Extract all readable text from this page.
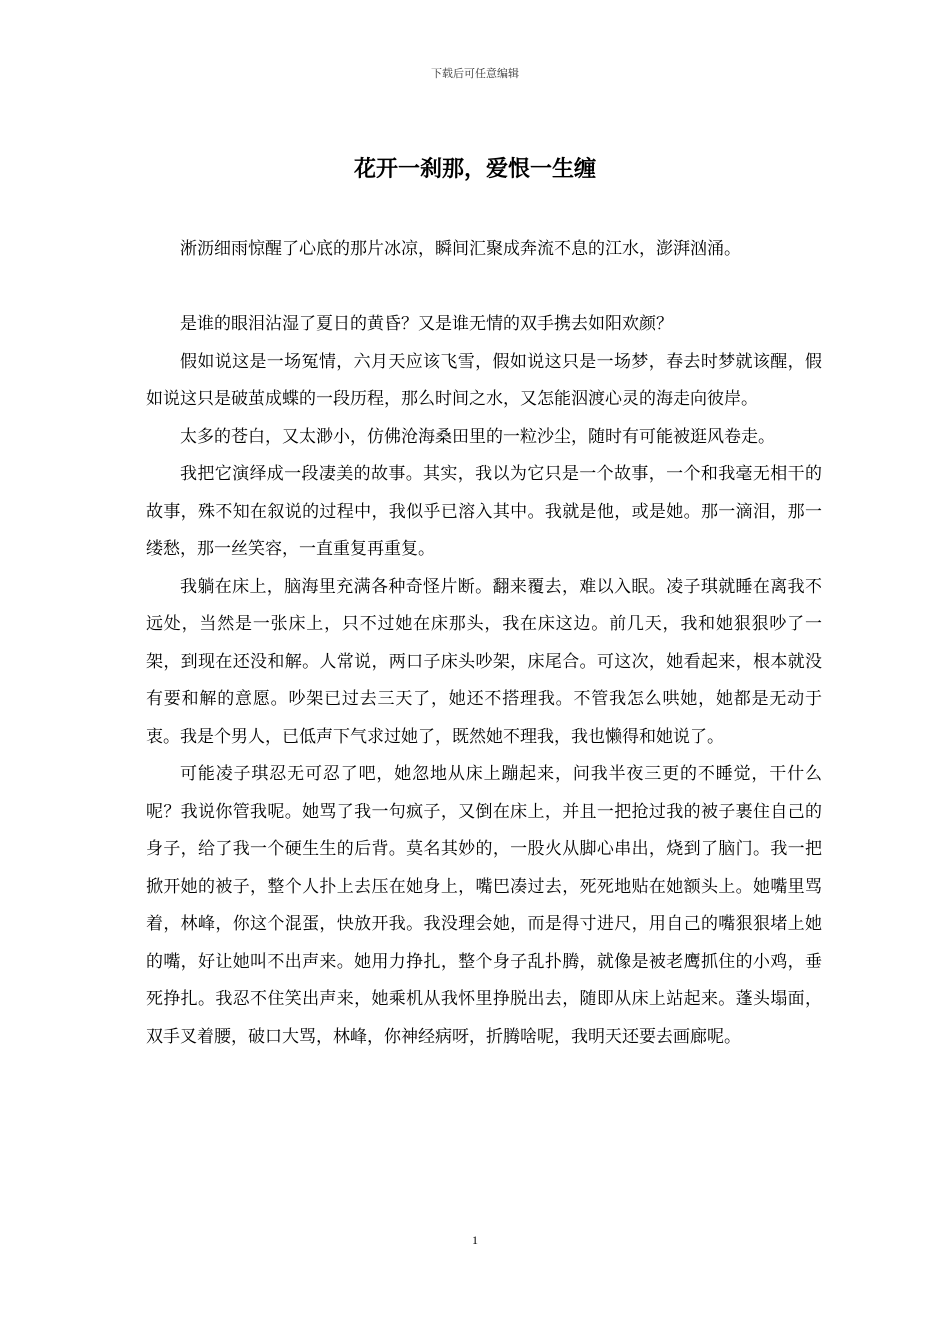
下载后可任意编辑
花开一刹那，爱恨一生缠

淅沥细雨惊醒了心底的那片冰凉，瞬间汇聚成奔流不息的江水，澎湃汹涌。

是谁的眼泪沾湿了夏日的黄昏？又是谁无情的双手携去如阳欢颜？

假如说这是一场冤情，六月天应该飞雪，假如说这只是一场梦，春去时梦就该醒，假如说这只是破茧成蝶的一段历程，那么时间之水，又怎能泅渡心灵的海走向彼岸。

太多的苍白，又太渺小，仿佛沧海桑田里的一粒沙尘，随时有可能被逛风卷走。

我把它演绎成一段凄美的故事。其实，我以为它只是一个故事，一个和我毫无相干的故事，殊不知在叙说的过程中，我似乎已溶入其中。我就是他，或是她。那一滴泪，那一缕愁，那一丝笑容，一直重复再重复。

我躺在床上，脑海里充满各种奇怪片断。翻来覆去，难以入眠。凌子琪就睡在离我不远处，当然是一张床上，只不过她在床那头，我在床这边。前几天，我和她狠狠吵了一架，到现在还没和解。人常说，两口子床头吵架，床尾合。可这次，她看起来，根本就没有要和解的意愿。吵架已过去三天了，她还不搭理我。不管我怎么哄她，她都是无动于衷。我是个男人，已低声下气求过她了，既然她不理我，我也懒得和她说了。

可能凌子琪忍无可忍了吧，她忽地从床上蹦起来，问我半夜三更的不睡觉，干什么呢？我说你管我呢。她骂了我一句疯子，又倒在床上，并且一把抢过我的被子裹住自己的身子，给了我一个硬生生的后背。莫名其妙的，一股火从脚心串出，烧到了脑门。我一把掀开她的被子，整个人扑上去压在她身上，嘴巴凑过去，死死地贴在她额头上。她嘴里骂着，林峰，你这个混蛋，快放开我。我没理会她，而是得寸进尺，用自己的嘴狠狠堵上她的嘴，好让她叫不出声来。她用力挣扎，整个身子乱扑腾，就像是被老鹰抓住的小鸡，垂死挣扎。我忍不住笑出声来，她乘机从我怀里挣脱出去，随即从床上站起来。蓬头塌面，双手叉着腰，破口大骂，林峰，你神经病呀，折腾啥呢，我明天还要去画廊呢。

1
